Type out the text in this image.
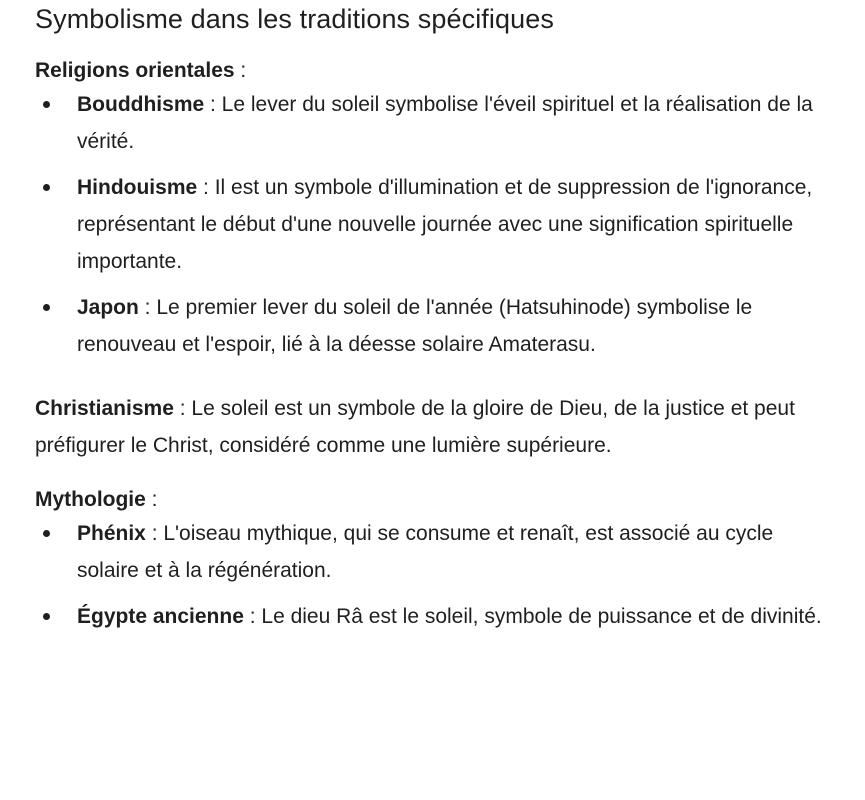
Symbolisme dans les traditions spécifiques

Religions orientales :

Bouddhisme : Le lever du soleil symbolise l'éveil spirituel et la réalisation de la vérité.
Hindouisme : Il est un symbole d'illumination et de suppression de l'ignorance, représentant le début d'une nouvelle journée avec une signification spirituelle importante.
Japon : Le premier lever du soleil de l'année (Hatsuhinode) symbolise le renouveau et l'espoir, lié à la déesse solaire Amaterasu.

Christianisme : Le soleil est un symbole de la gloire de Dieu, de la justice et peut préfigurer le Christ, considéré comme une lumière supérieure.

Mythologie :

Phénix : L'oiseau mythique, qui se consume et renaît, est associé au cycle solaire et à la régénération.
Égypte ancienne : Le dieu Râ est le soleil, symbole de puissance et de divinité.
